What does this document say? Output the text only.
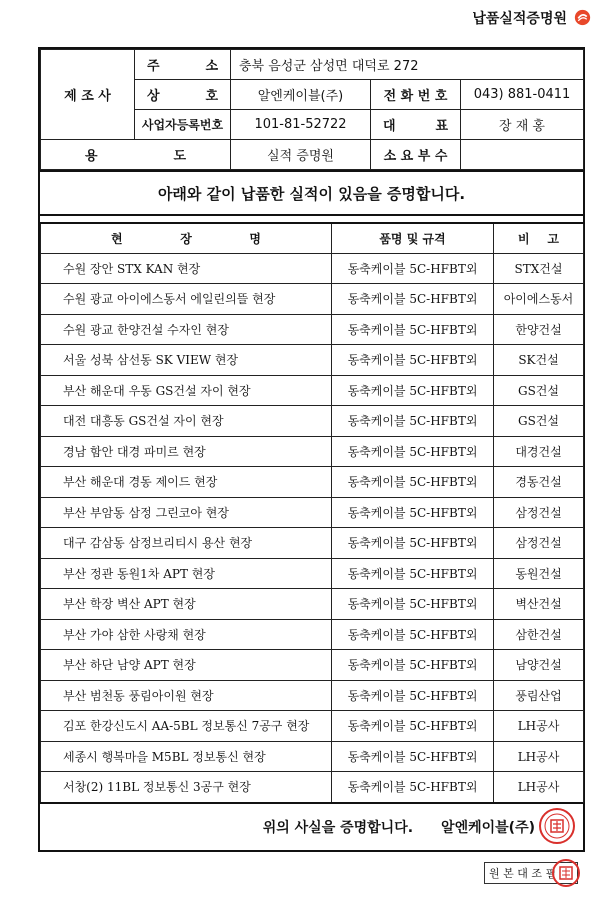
납품실적증명원
제 조 사	주 소	충북 음성군 삼성면 대덕로 272		

	상 호	알엔케이블(주)	전 화 번 호	043) 881-0411
	사업자등록번호	101-81-52722	대 표	장 재 홍

용 도		실적 증명원	소 요 부 수	
아래와 같이 납품한 실적이 있음을 증명합니다.
현 장 명	품명 및 규격	비 고

수원 장안 STX KAN 현장	동축케이블 5C-HFBT외	STX건설
수원 광교 아이에스동서 에일린의뜰 현장	동축케이블 5C-HFBT외	아이에스동서
수원 광교 한양건설 수자인 현장	동축케이블 5C-HFBT외	한양건설
서울 성북 삼선동 SK VIEW 현장	동축케이블 5C-HFBT외	SK건설
부산 해운대 우동 GS건설 자이 현장	동축케이블 5C-HFBT외	GS건설
대전 대흥동 GS건설 자이 현장	동축케이블 5C-HFBT외	GS건설
경남 함안 대경 파미르 현장	동축케이블 5C-HFBT외	대경건설
부산 해운대 경동 제이드 현장	동축케이블 5C-HFBT외	경동건설
부산 부암동 삼정 그린코아 현장	동축케이블 5C-HFBT외	삼정건설
대구 감삼동 삼정브리티시 용산 현장	동축케이블 5C-HFBT외	삼정건설
부산 정관 동원1차 APT 현장	동축케이블 5C-HFBT외	동원건설
부산 학장 벽산 APT 현장	동축케이블 5C-HFBT외	벽산건설
부산 가야 삼한 사랑채 현장	동축케이블 5C-HFBT외	삼한건설
부산 하단 남양 APT 현장	동축케이블 5C-HFBT외	남양건설
부산 범천동 풍림아이원 현장	동축케이블 5C-HFBT외	풍림산업
김포 한강신도시 AA-5BL 정보통신 7공구 현장	동축케이블 5C-HFBT외	LH공사
세종시 행복마을 M5BL 정보통신 현장	동축케이블 5C-HFBT외	LH공사
서창(2) 11BL 정보통신 3공구 현장	동축케이블 5C-HFBT외	LH공사
위의 사실을 증명합니다. 알엔케이블(주)
원 본 대 조 필
